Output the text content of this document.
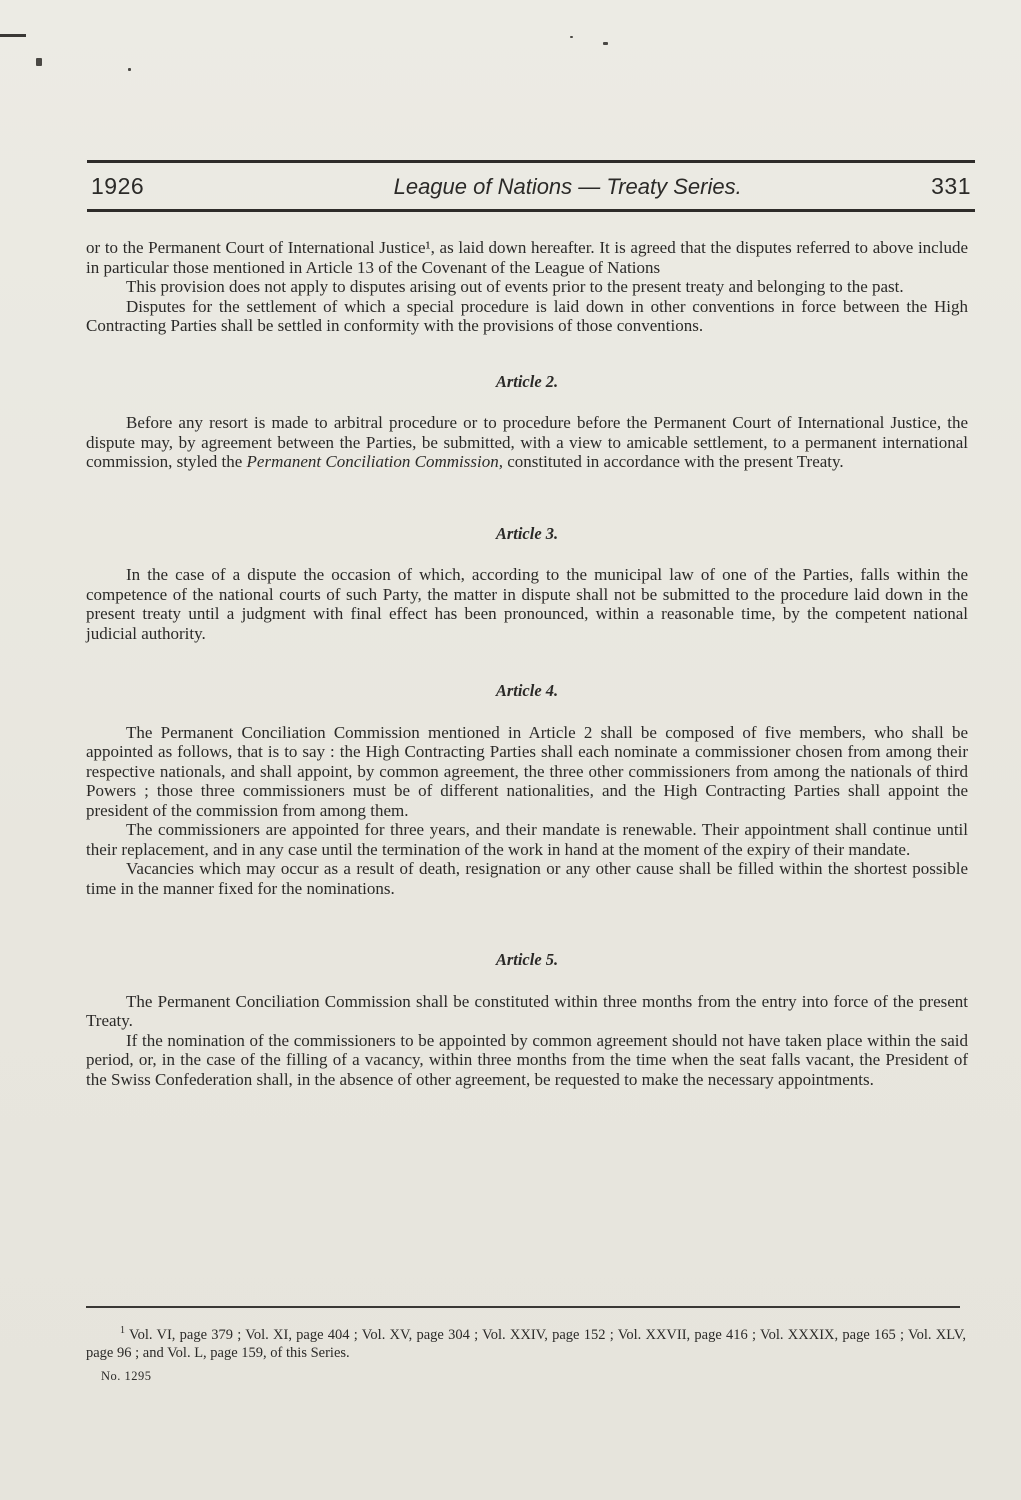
1926	League of Nations — Treaty Series.	331

or to the Permanent Court of International Justice¹, as laid down hereafter. It is agreed that the disputes referred to above include in particular those mentioned in Article 13 of the Covenant of the League of Nations

This provision does not apply to disputes arising out of events prior to the present treaty and belonging to the past.

Disputes for the settlement of which a special procedure is laid down in other conventions in force between the High Contracting Parties shall be settled in conformity with the provisions of those conventions.

Article 2.

Before any resort is made to arbitral procedure or to procedure before the Permanent Court of International Justice, the dispute may, by agreement between the Parties, be submitted, with a view to amicable settlement, to a permanent international commission, styled the Permanent Conciliation Commission, constituted in accordance with the present Treaty.

Article 3.

In the case of a dispute the occasion of which, according to the municipal law of one of the Parties, falls within the competence of the national courts of such Party, the matter in dispute shall not be submitted to the procedure laid down in the present treaty until a judgment with final effect has been pronounced, within a reasonable time, by the competent national judicial authority.

Article 4.

The Permanent Conciliation Commission mentioned in Article 2 shall be composed of five members, who shall be appointed as follows, that is to say : the High Contracting Parties shall each nominate a commissioner chosen from among their respective nationals, and shall appoint, by common agreement, the three other commissioners from among the nationals of third Powers ; those three commissioners must be of different nationalities, and the High Contracting Parties shall appoint the president of the commission from among them.

The commissioners are appointed for three years, and their mandate is renewable. Their appointment shall continue until their replacement, and in any case until the termination of the work in hand at the moment of the expiry of their mandate.

Vacancies which may occur as a result of death, resignation or any other cause shall be filled within the shortest possible time in the manner fixed for the nominations.

Article 5.

The Permanent Conciliation Commission shall be constituted within three months from the entry into force of the present Treaty.

If the nomination of the commissioners to be appointed by common agreement should not have taken place within the said period, or, in the case of the filling of a vacancy, within three months from the time when the seat falls vacant, the President of the Swiss Confederation shall, in the absence of other agreement, be requested to make the necessary appointments.

$^1$ Vol. VI, page 379 ; Vol. XI, page 404 ; Vol. XV, page 304 ; Vol. XXIV, page 152 ; Vol. XXVII, page 416 ; Vol. XXXIX, page 165 ; Vol. XLV, page 96 ; and Vol. L, page 159, of this Series.

No. 1295
